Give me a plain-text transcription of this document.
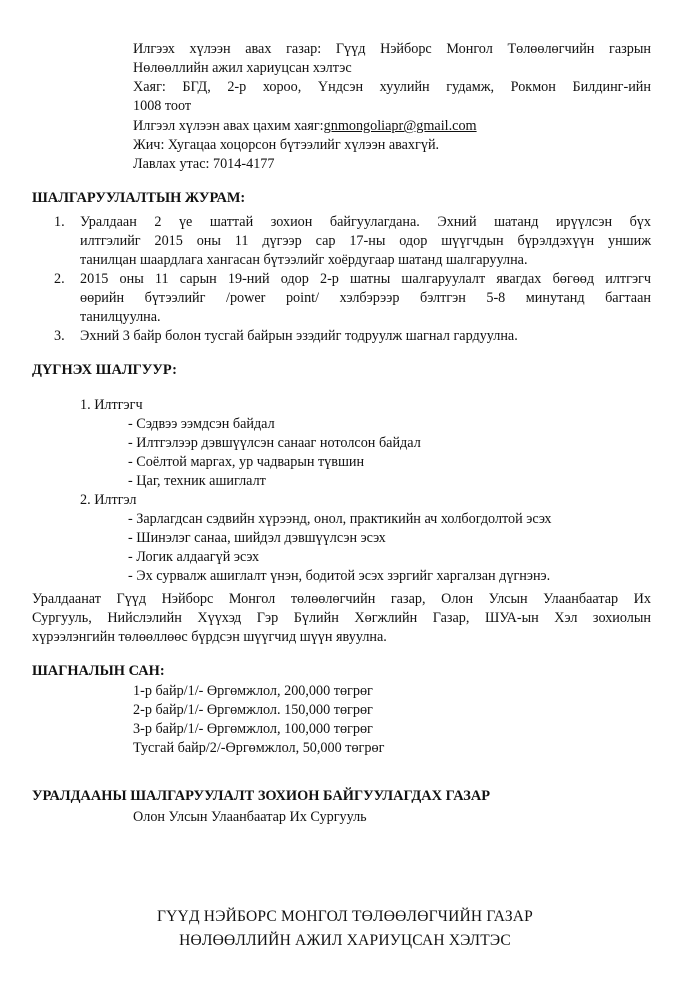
Илгээх хүлээн авах газар: Гүүд Нэйборс Монгол Төлөөлөгчийн газрын
Нөлөөллийн ажил хариуцсан хэлтэс
Хаяг: БГД, 2-р хороо, Үндсэн хуулийн гудамж, Рокмон Билдинг-ийн
1008 тоот
Илгээл хүлээн авах цахим хаяг:gnmongoliapr@gmail.com
Жич: Хугацаа хоцорсон бүтээлийг хүлээн авахгүй.
Лавлах утас: 7014-4177
ШАЛГАРУУЛАЛТЫН ЖУРАМ:
1. Уралдаан 2 үе шаттай зохион байгуулагдана. Эхний шатанд ирүүлсэн бүх
илтгэлийг 2015 оны 11 дүгээр сар 17-ны одор шүүгчдын бүрэлдэхүүн уншиж
танилцан шаардлага хангасан бүтээлийг хоёрдугаар шатанд шалгаруулна.
2. 2015 оны 11 сарын 19-ний одор 2-р шатны шалгаруулалт явагдах бөгөөд илтгэгч
өөрийн бүтээлийг /power point/ хэлбэрээр бэлтгэн 5-8 минутанд багтаан
танилцуулна.
3. Эхний 3 байр болон тусгай байрын эзэдийг тодруулж шагнал гардуулна.
ДҮГНЭХ ШАЛГУУР:
1. Илтгэгч
- Сэдвээ ээмдсэн байдал
- Илтгэлээр дэвшүүлсэн санааг нотолсон байдал
- Соёлтой маргах, ур чадварын түвшин
- Цаг, техник ашиглалт
2. Илтгэл
- Зарлагдсан сэдвийн хүрээнд, онол, практикийн ач холбогдолтой эсэх
- Шинэлэг санаа, шийдэл дэвшүүлсэн эсэх
- Логик алдаагүй эсэх
- Эх сурвалж ашиглалт үнэн, бодитой эсэх зэргийг харгалзан дүгнэнэ.
Уралдаанат Гүүд Нэйборс Монгол төлөөлөгчийн газар, Олон Улсын Улаанбаатар Их
Сургууль, Нийслэлийн Хүүхэд Гэр Бүлийн Хөгжлийн Газар, ШУА-ын Хэл зохиолын
хүрээлэнгийн төлөөллөөс бүрдсэн шүүгчид шүүн явуулна.
ШАГНАЛЫН САН:
1-р байр/1/- Өргөмжлол, 200,000 төгрөг
2-р байр/1/- Өргөмжлол. 150,000 төгрөг
3-р байр/1/- Өргөмжлол, 100,000 төгрөг
Тусгай байр/2/-Өргөмжлол, 50,000 төгрөг
УРАЛДААНЫ ШАЛГАРУУЛАЛТ ЗОХИОН БАЙГУУЛАГДАХ ГАЗАР
Олон Улсын Улаанбаатар Их Сургууль
ГҮҮД НЭЙБОРС МОНГОЛ ТӨЛӨӨЛӨГЧИЙН ГАЗАР
НӨЛӨӨЛЛИЙН АЖИЛ ХАРИУЦСАН ХЭЛТЭС
